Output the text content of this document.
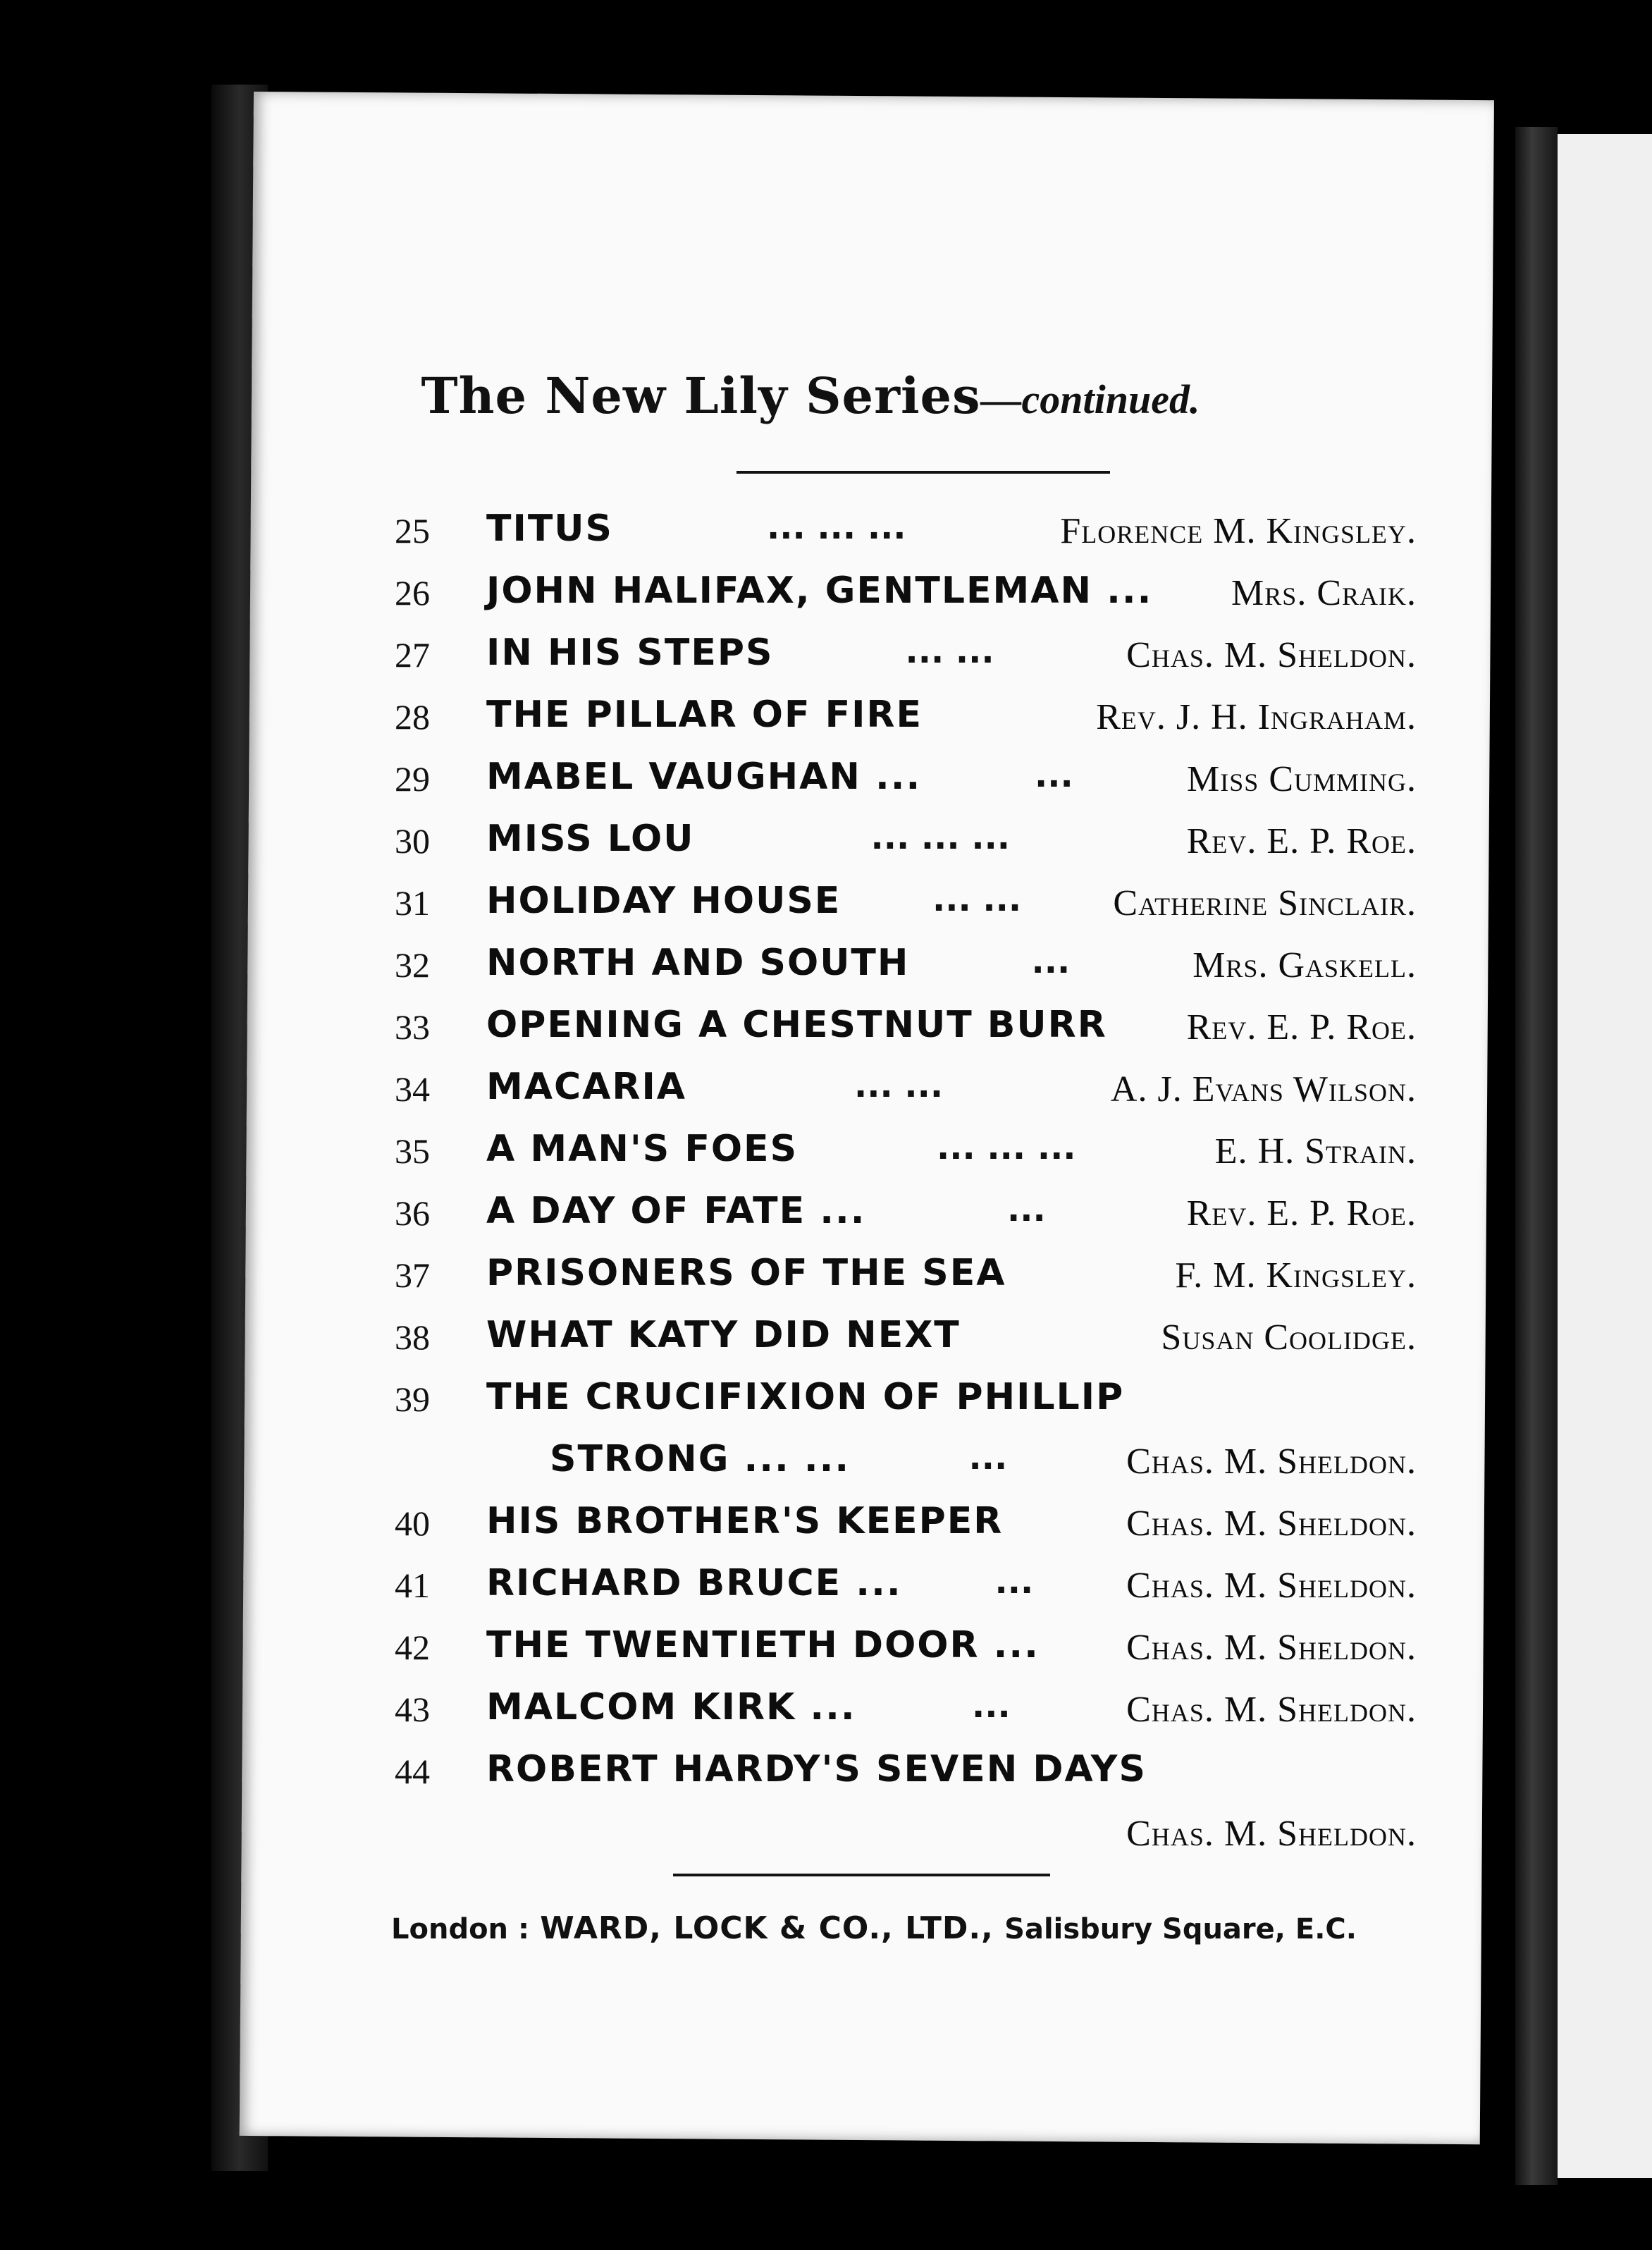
The New Lily Series—continued.
25	TITUS	... ... ...	Florence M. Kingsley.
26	JOHN HALIFAX, GENTLEMAN ... Mrs. Craik.
27	IN HIS STEPS	... ...	Chas. M. Sheldon.
28	THE PILLAR OF FIRE	Rev. J. H. Ingraham.
29	MABEL VAUGHAN ...	...	Miss Cumming.
30	MISS LOU	... ... ...	Rev. E. P. Roe.
31	HOLIDAY HOUSE	... ...	Catherine Sinclair.
32	NORTH AND SOUTH	...	Mrs. Gaskell.
33	OPENING A CHESTNUT BURR Rev. E. P. Roe.
34	MACARIA	... ...	A. J. Evans Wilson.
35	A MAN'S FOES	... ... ...	E. H. Strain.
36	A DAY OF FATE ...	...	Rev. E. P. Roe.
37	PRISONERS OF THE SEA	F. M. Kingsley.
38	WHAT KATY DID NEXT	Susan Coolidge.
39	THE CRUCIFIXION OF PHILLIP
STRONG ... ...	...	Chas. M. Sheldon.
40	HIS BROTHER'S KEEPER	Chas. M. Sheldon.
41	RICHARD BRUCE ...	...	Chas. M. Sheldon.
42	THE TWENTIETH DOOR ... Chas. M. Sheldon.
43	MALCOM KIRK ...	...	Chas. M. Sheldon.
44	ROBERT HARDY'S SEVEN DAYS
Chas. M. Sheldon.
London : WARD, LOCK & CO., LTD., Salisbury Square, E.C.
